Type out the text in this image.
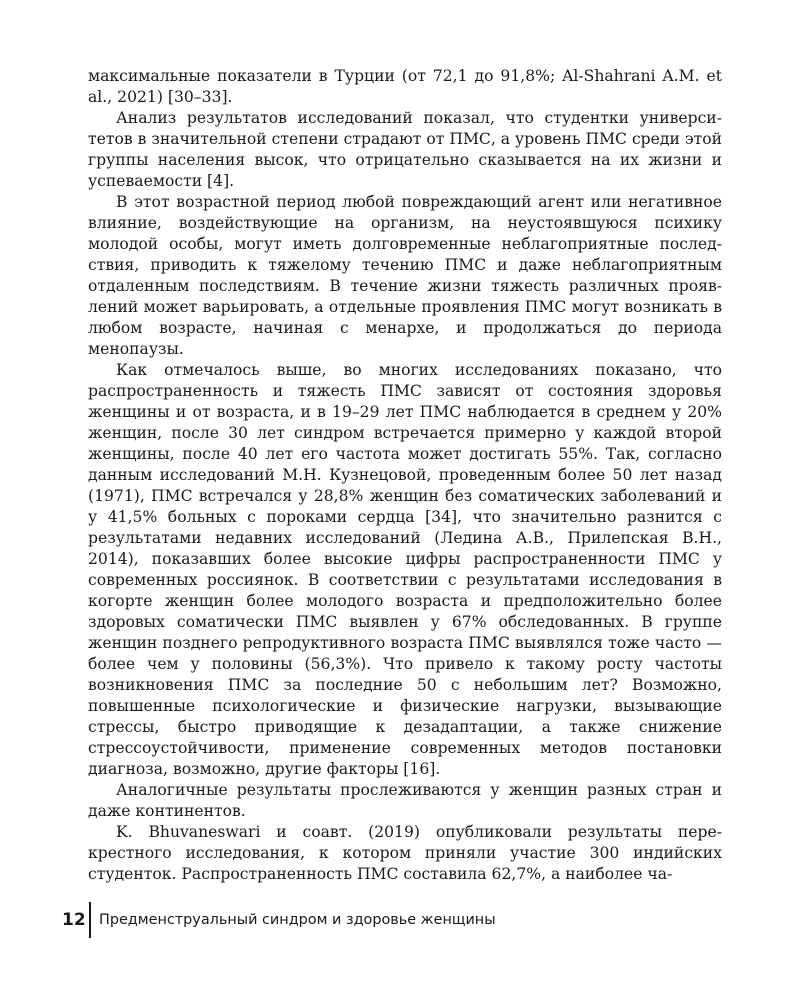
максимальные показатели в Турции (от 72,1 до 91,8%; Al-Shahrani A.M. et al., 2021) [30–33].

Анализ результатов исследований показал, что студентки университетов в значительной степени страдают от ПМС, а уровень ПМС среди этой группы населения высок, что отрицательно сказывается на их жизни и успеваемости [4].

В этот возрастной период любой повреждающий агент или негативное влияние, воздействующие на организм, на неустоявшуюся психику молодой особы, могут иметь долговременные неблагоприятные последствия, приводить к тяжелому течению ПМС и даже неблагоприятным отдаленным последствиям. В течение жизни тяжесть различных проявлений может варьировать, а отдельные проявления ПМС могут возникать в любом возрасте, начиная с менархе, и продолжаться до периода менопаузы.

Как отмечалось выше, во многих исследованиях показано, что распространенность и тяжесть ПМС зависят от состояния здоровья женщины и от возраста, и в 19–29 лет ПМС наблюдается в среднем у 20% женщин, после 30 лет синдром встречается примерно у каждой второй женщины, после 40 лет его частота может достигать 55%. Так, согласно данным исследований М.Н. Кузнецовой, проведенным более 50 лет назад (1971), ПМС встречался у 28,8% женщин без соматических заболеваний и у 41,5% больных с пороками сердца [34], что значительно разнится с результатами недавних исследований (Ледина А.В., Прилепская В.Н., 2014), показавших более высокие цифры распространенности ПМС у современных россиянок. В соответствии с результатами исследования в когорте женщин более молодого возраста и предположительно более здоровых соматически ПМС выявлен у 67% обследованных. В группе женщин позднего репродуктивного возраста ПМС выявлялся тоже часто — более чем у половины (56,3%). Что привело к такому росту частоты возникновения ПМС за последние 50 с небольшим лет? Возможно, повышенные психологические и физические нагрузки, вызывающие стрессы, быстро приводящие к дезадаптации, а также снижение стрессоустойчивости, применение современных методов постановки диагноза, возможно, другие факторы [16].

Аналогичные результаты прослеживаются у женщин разных стран и даже континентов.

K. Bhuvaneswari и соавт. (2019) опубликовали результаты перекрестного исследования, к котором приняли участие 300 индийских студенток. Распространенность ПМС составила 62,7%, а наиболее ча-

12 Предменструальный синдром и здоровье женщины
